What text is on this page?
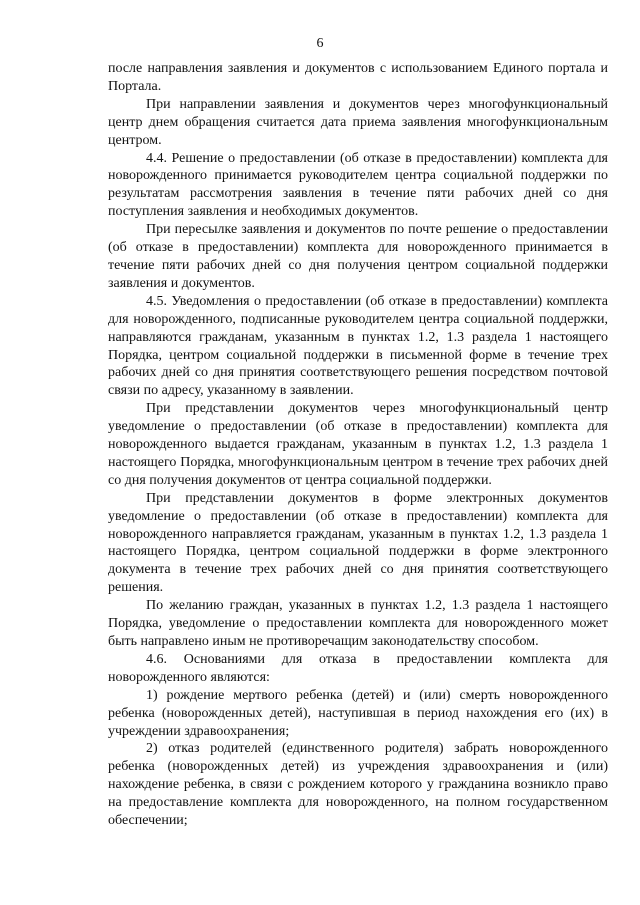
6

после направления заявления и документов с использованием Единого портала и Портала.

При направлении заявления и документов через многофункциональный центр днем обращения считается дата приема заявления многофункциональным центром.

4.4. Решение о предоставлении (об отказе в предоставлении) комплекта для новорожденного принимается руководителем центра социальной поддержки по результатам рассмотрения заявления в течение пяти рабочих дней со дня поступления заявления и необходимых документов.

При пересылке заявления и документов по почте решение о предоставлении (об отказе в предоставлении) комплекта для новорожденного принимается в течение пяти рабочих дней со дня получения центром социальной поддержки заявления и документов.

4.5. Уведомления о предоставлении (об отказе в предоставлении) комплекта для новорожденного, подписанные руководителем центра социальной поддержки, направляются гражданам, указанным в пунктах 1.2, 1.3 раздела 1 настоящего Порядка, центром социальной поддержки в письменной форме в течение трех рабочих дней со дня принятия соответствующего решения посредством почтовой связи по адресу, указанному в заявлении.

При представлении документов через многофункциональный центр уведомление о предоставлении (об отказе в предоставлении) комплекта для новорожденного выдается гражданам, указанным в пунктах 1.2, 1.3 раздела 1 настоящего Порядка, многофункциональным центром в течение трех рабочих дней со дня получения документов от центра социальной поддержки.

При представлении документов в форме электронных документов уведомление о предоставлении (об отказе в предоставлении) комплекта для новорожденного направляется гражданам, указанным в пунктах 1.2, 1.3 раздела 1 настоящего Порядка, центром социальной поддержки в форме электронного документа в течение трех рабочих дней со дня принятия соответствующего решения.

По желанию граждан, указанных в пунктах 1.2, 1.3 раздела 1 настоящего Порядка, уведомление о предоставлении комплекта для новорожденного может быть направлено иным не противоречащим законодательству способом.

4.6. Основаниями для отказа в предоставлении комплекта для новорожденного являются:

1) рождение мертвого ребенка (детей) и (или) смерть новорожденного ребенка (новорожденных детей), наступившая в период нахождения его (их) в учреждении здравоохранения;

2) отказ родителей (единственного родителя) забрать новорожденного ребенка (новорожденных детей) из учреждения здравоохранения и (или) нахождение ребенка, в связи с рождением которого у гражданина возникло право на предоставление комплекта для новорожденного, на полном государственном обеспечении;
